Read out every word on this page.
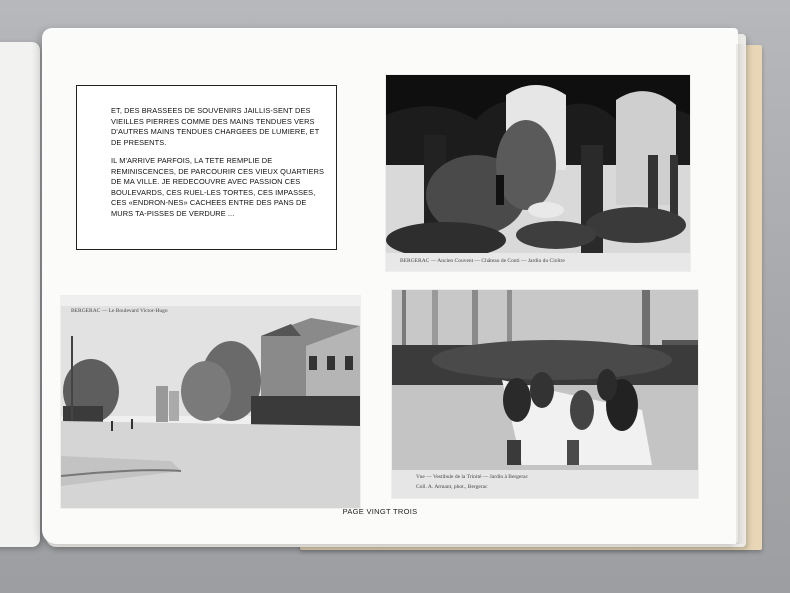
ET, DES BRASSEES DE SOUVENIRS JAILLIS-SENT DES VIEILLES PIERRES COMME DES MAINS TENDUES VERS D'AUTRES MAINS TENDUES CHARGEES DE LUMIERE, ET DE PRESENTS.

IL M'ARRIVE PARFOIS, LA TETE REMPLIE DE REMINISCENCES, DE PARCOURIR CES VIEUX QUARTIERS DE MA VILLE. JE REDECOUVRE AVEC PASSION CES BOULEVARDS, CES RUEL-LES TORTES, CES IMPASSES, CES «ENDRON-NES» CACHEES ENTRE DES PANS DE MURS TA-PISSES DE VERDURE ...

BERGERAC — Ancien Couvent — Château de Conti — Jardin du Cloître
BERGERAC — Le Boulevard Victor-Hugo
Coll. A. Armant, phot., Bergerac
Vue — Vestibule de la Trinité — Jardin à Bergerac
PAGE VINGT TROIS
